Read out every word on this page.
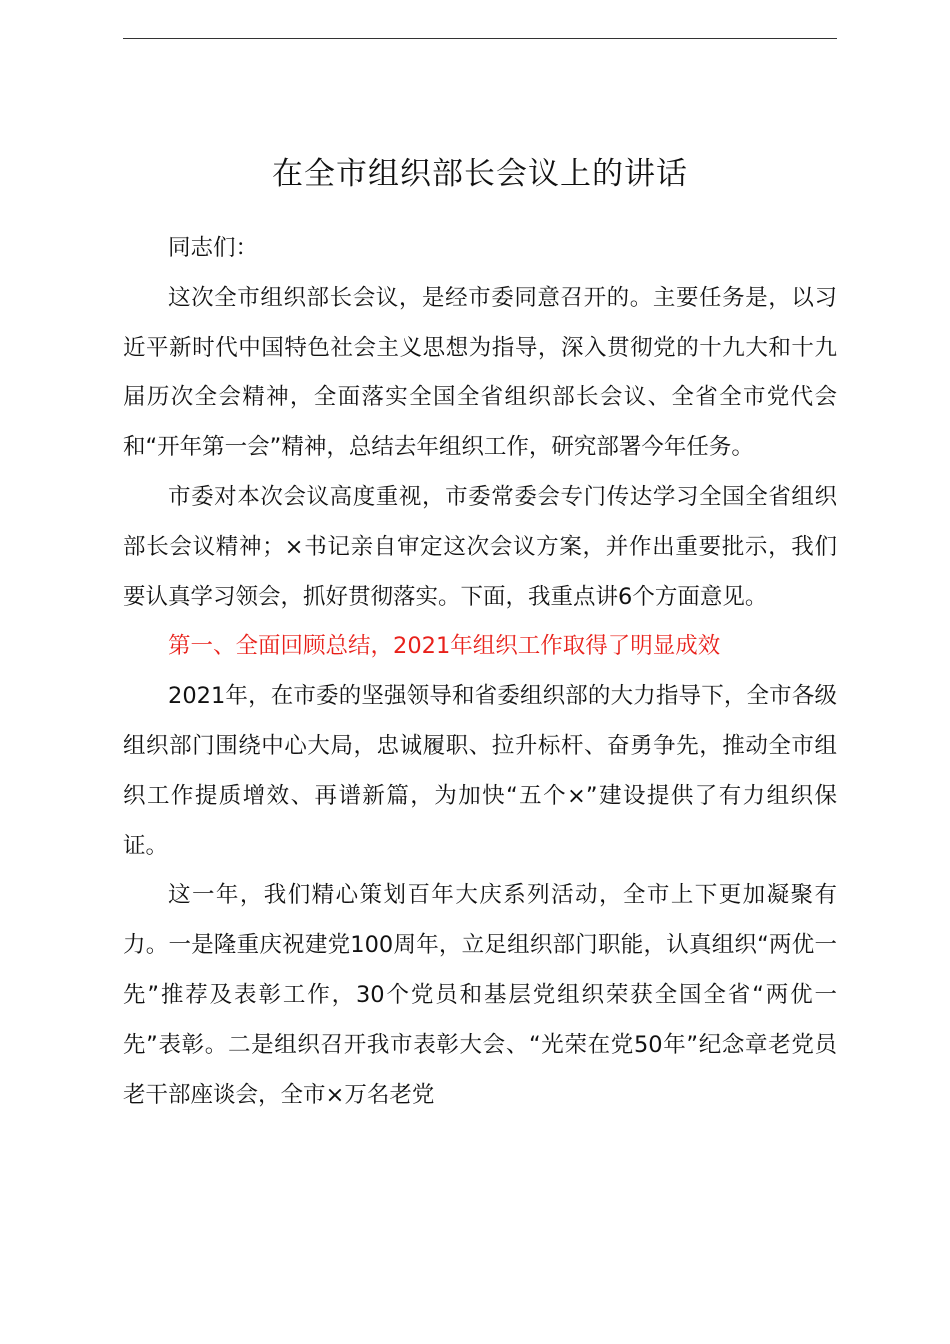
在全市组织部长会议上的讲话

同志们：

这次全市组织部长会议，是经市委同意召开的。主要任务是，以习近平新时代中国特色社会主义思想为指导，深入贯彻党的十九大和十九届历次全会精神，全面落实全国全省组织部长会议、全省全市党代会和“开年第一会”精神，总结去年组织工作，研究部署今年任务。

市委对本次会议高度重视，市委常委会专门传达学习全国全省组织部长会议精神；×书记亲自审定这次会议方案，并作出重要批示，我们要认真学习领会，抓好贯彻落实。下面，我重点讲6个方面意见。

第一、全面回顾总结，2021年组织工作取得了明显成效

2021年，在市委的坚强领导和省委组织部的大力指导下，全市各级组织部门围绕中心大局，忠诚履职、拉升标杆、奋勇争先，推动全市组织工作提质增效、再谱新篇，为加快“五个×”建设提供了有力组织保证。

这一年，我们精心策划百年大庆系列活动，全市上下更加凝聚有力。一是隆重庆祝建党100周年，立足组织部门职能，认真组织“两优一先”推荐及表彰工作，30个党员和基层党组织荣获全国全省“两优一先”表彰。二是组织召开我市表彰大会、“光荣在党50年”纪念章老党员老干部座谈会，全市×万名老党
